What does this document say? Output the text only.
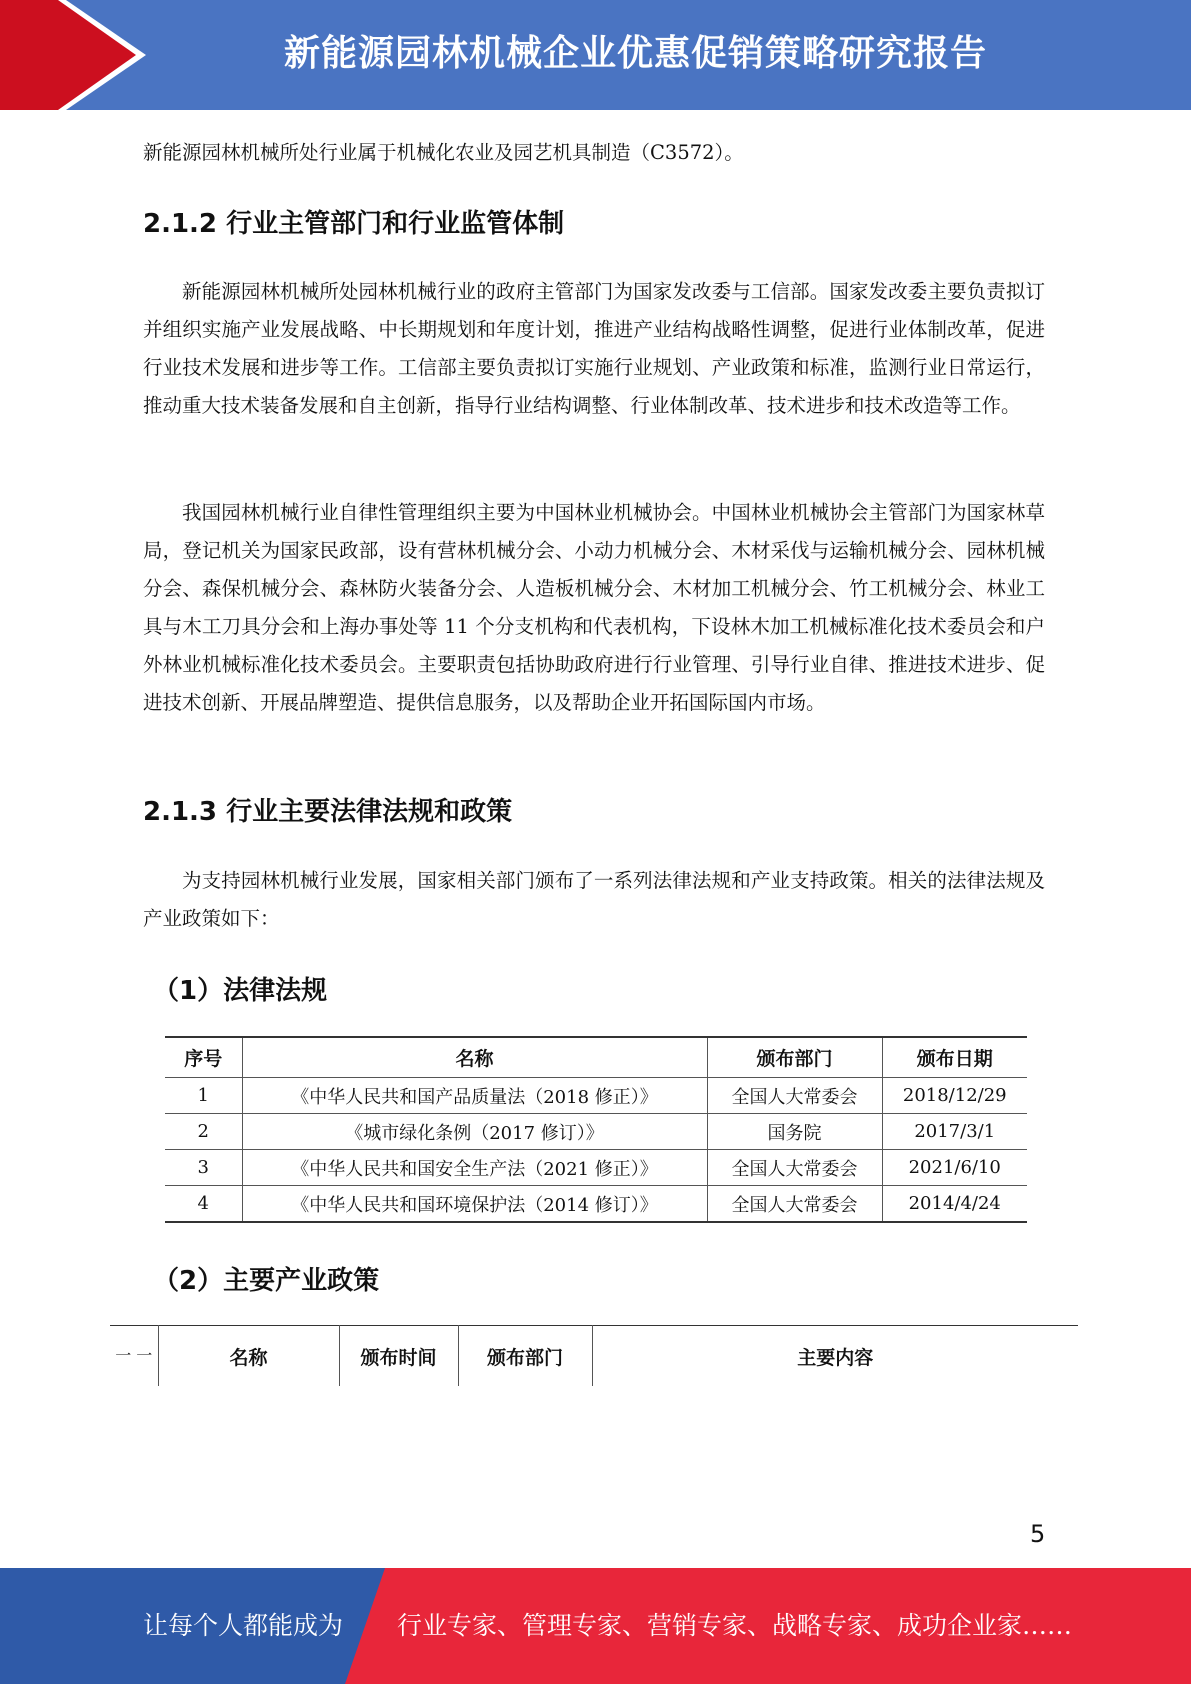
新能源园林机械企业优惠促销策略研究报告

新能源园林机械所处行业属于机械化农业及园艺机具制造（C3572）。

2.1.2 行业主管部门和行业监管体制

新能源园林机械所处园林机械行业的政府主管部门为国家发改委与工信部。国家发改委主要负责拟订并组织实施产业发展战略、中长期规划和年度计划，推进产业结构战略性调整，促进行业体制改革，促进行业技术发展和进步等工作。工信部主要负责拟订实施行业规划、产业政策和标准，监测行业日常运行，推动重大技术装备发展和自主创新，指导行业结构调整、行业体制改革、技术进步和技术改造等工作。

我国园林机械行业自律性管理组织主要为中国林业机械协会。中国林业机械协会主管部门为国家林草局，登记机关为国家民政部，设有营林机械分会、小动力机械分会、木材采伐与运输机械分会、园林机械分会、森保机械分会、森林防火装备分会、人造板机械分会、木材加工机械分会、竹工机械分会、林业工具与木工刀具分会和上海办事处等 11 个分支机构和代表机构，下设林木加工机械标准化技术委员会和户外林业机械标准化技术委员会。主要职责包括协助政府进行行业管理、引导行业自律、推进技术进步、促进技术创新、开展品牌塑造、提供信息服务，以及帮助企业开拓国际国内市场。

2.1.3 行业主要法律法规和政策

为支持园林机械行业发展，国家相关部门颁布了一系列法律法规和产业支持政策。相关的法律法规及产业政策如下：

（1）法律法规
序号	名称	颁布部门	颁布日期
1	《中华人民共和国产品质量法（2018 修正）》	全国人大常委会	2018/12/29
2	《城市绿化条例（2017 修订）》	国务院	2017/3/1
3	《中华人民共和国安全生产法（2021 修正）》	全国人大常委会	2021/6/10
4	《中华人民共和国环境保护法（2014 修订）》	全国人大常委会	2014/4/24
（2）主要产业政策
一 一	名称	颁布时间	颁布部门	主要内容
5
让每个人都能成为 行业专家、管理专家、营销专家、战略专家、成功企业家……
